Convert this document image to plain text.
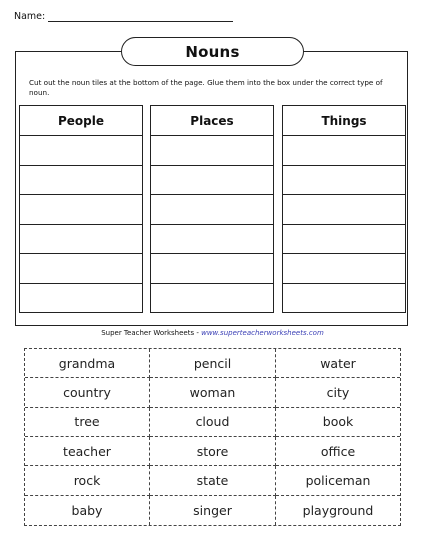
Name:
Nouns
Cut out the noun tiles at the bottom of the page. Glue them into the box under the correct type of noun.
People	Places	Things
Super Teacher Worksheets - www.superteacherworksheets.com
grandma	pencil	water
country	woman	city
tree	cloud	book
teacher	store	office
rock	state	policeman
baby	singer	playground
